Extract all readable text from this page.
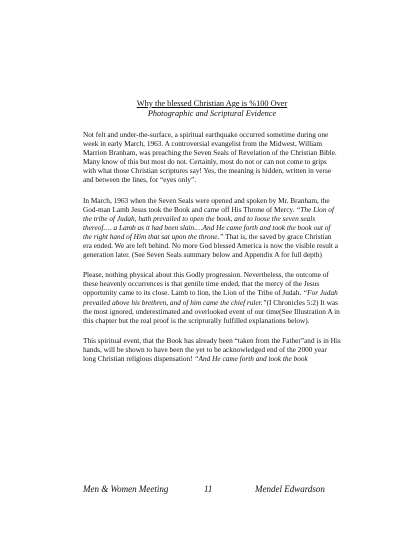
Why the blessed Christian Age is %100 Over
Photographic and Scriptural Evidence

Not felt and under-the-surface, a spiritual earthquake occurred sometime during one week in early March, 1963. A controversial evangelist from the Midwest, William Marrion Branham, was preaching the Seven Seals of Revelation of the Christian Bible. Many know of this but most do not. Certainly, most do not or can not come to grips with what those Christian scriptures say! Yes, the meaning is hidden, written in verse and between the lines, for “eyes only”.

In March, 1963 when the Seven Seals were opened and spoken by Mr. Branham, the God-man Lamb Jesus took the Book and came off His Throne of Mercy. “The Lion of the tribe of Judah, hath prevailed to open the book, and to loose the seven seals thereof.… a Lamb as it had been slain.…And He came forth and took the book out of the right hand of Him that sat upon the throne.” That is, the saved by grace Christian era ended. We are left behind. No more God blessed America is now the visible result a generation later. (See Seven Seals summary below and Appendix A for full depth)

Please, nothing physical about this Godly progression. Nevertheless, the outcome of these heavenly occurrences is that gentile time ended, that the mercy of the Jesus opportunity came to its close. Lamb to lion, the Lion of the Tribe of Judah. “For Judah prevailed above his brethren, and of him came the chief ruler.”(I Chronicles 5:2) It was the most ignored, underestimated and overlooked event of our time(See Illustration A in this chapter but the real proof is the scripturally fulfilled explanations below).

This spiritual event, that the Book has already been “taken from the Father”and is in His hands, will be shown to have been the yet to be acknowledged end of the 2000 year long Christian religious dispensation! “And He came forth and took the book

Men & Women Meeting	11	Mendel Edwardson
